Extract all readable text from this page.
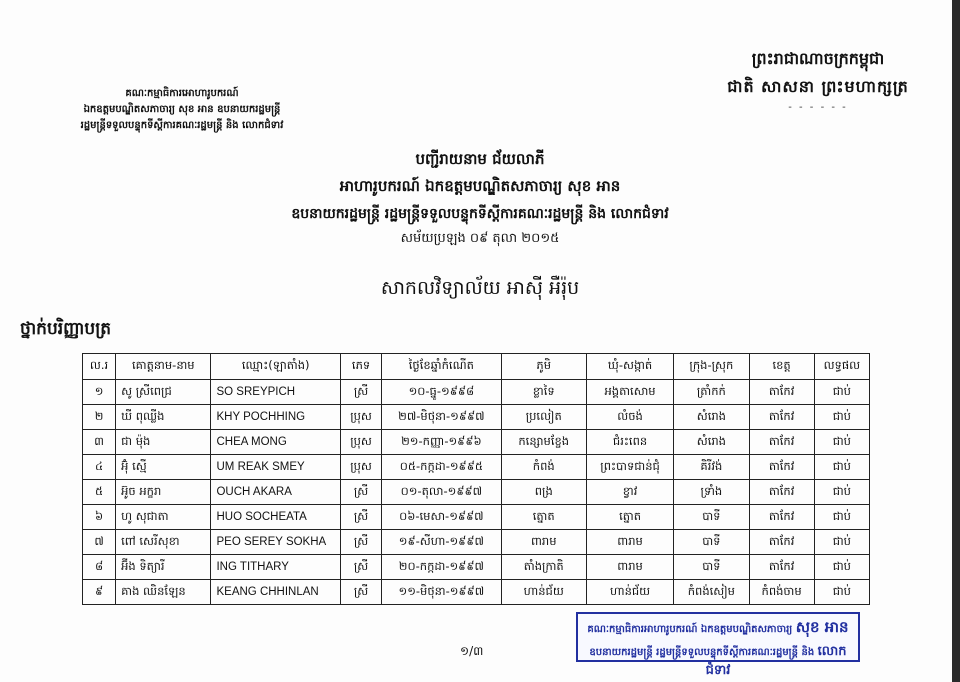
ព្រះរាជាណាចក្រកម្ពុជា
ជាតិ សាសនា ព្រះមហាក្សត្រ
- - - - - -
គណៈកម្មាធិការអោហារូបករណ៍
ឯកឧត្ដមបណ្ឌិតសភាចារ្យ សុខ អាន ឧបនាយករដ្ឋមន្ត្រី
រដ្ឋមន្ត្រីទទួលបន្ទុកទីស្ដីការគណៈរដ្ឋមន្ត្រី និង លោកជំទាវ
បញ្ជីរាយនាម ជ័យលាភី
អាហារូបករណ៍ ឯកឧត្ដមបណ្ឌិតសភាចារ្យ សុខ អាន
ឧបនាយករដ្ឋមន្ត្រី រដ្ឋមន្ត្រីទទួលបន្ទុកទីស្ដីការគណៈរដ្ឋមន្ត្រី និង លោកជំទាវ
សម័យប្រឡង ០៩ តុលា ២០១៥
សាកលវិទ្យាល័យ អាស៊ី អឺរ៉ុប
ថ្នាក់បរិញ្ញាបត្រ
ល.រ	គោត្តនាម-នាម	ឈ្មោះ(ឡាតាំង)	ភេទ	ថ្ងៃខែឆ្នាំកំណើត	ភូមិ	ឃុំ-សង្កាត់	ក្រុង-ស្រុក	ខេត្ត	លទ្ធផល
១	សូ ស្រីពេជ្រ	SO SREYPICH	ស្រី	១០-ធ្នូ-១៩៩៨	ខ្លាទៃ	អង្គតាសោម	ត្រាំកក់	តាកែវ	ជាប់
២	ឃី ពុឈ្លីង	KHY POCHHING	ប្រុស	២៧-មិថុនា-១៩៩៧	ប្រលៀត	លំចង់	សំរោង	តាកែវ	ជាប់
៣	ជា ម៉ុង	CHEA MONG	ប្រុស	២១-កញ្ញា-១៩៩៦	កន្សោមខ្ចែង	ជំរះពេន	សំរោង	តាកែវ	ជាប់
៤	អ៊ុំ ស្មើ	UM REAK SMEY	ប្រុស	០៥-កក្កដា-១៩៩៥	កំពង់	ព្រះបាទជាន់ជុំ	គិរីវង់	តាកែវ	ជាប់
៥	អ៊ូច អក្ខរា	OUCH AKARA	ស្រី	០១-តុលា-១៩៩៧	ពង្រ	ខ្វាវ	ទ្រាំង	តាកែវ	ជាប់
៦	ហូ សុជាតា	HUO SOCHEATA	ស្រី	០៦-មេសា-១៩៩៧	ត្នោត	ត្នោត	បាទី	តាកែវ	ជាប់
៧	ពៅ សេរីសុខា	PEO SEREY SOKHA	ស្រី	១៩-សីហា-១៩៩៧	ពារាម	ពារាម	បាទី	តាកែវ	ជាប់
៨	អ៊ីង ទិត្យារី	ING TITHARY	ស្រី	២០-កក្កដា-១៩៩៧	តាំងក្រាតិ	ពារាម	បាទី	តាកែវ	ជាប់
៩	គាង ឈិនឡែន	KEANG CHHINLAN	ស្រី	១១-មិថុនា-១៩៩៧	ហាន់ជ័យ	ហាន់ជ័យ	កំពង់សៀម	កំពង់ចាម	ជាប់
១/៣
គណៈកម្មាធិការអាហារូបករណ៍ ឯកឧត្ដមបណ្ឌិតសភាចារ្យ សុខ អាន
ឧបនាយករដ្ឋមន្ត្រី រដ្ឋមន្ត្រីទទួលបន្ទុកទីស្ដីការគណៈរដ្ឋមន្ត្រី និង លោកជំទាវ
